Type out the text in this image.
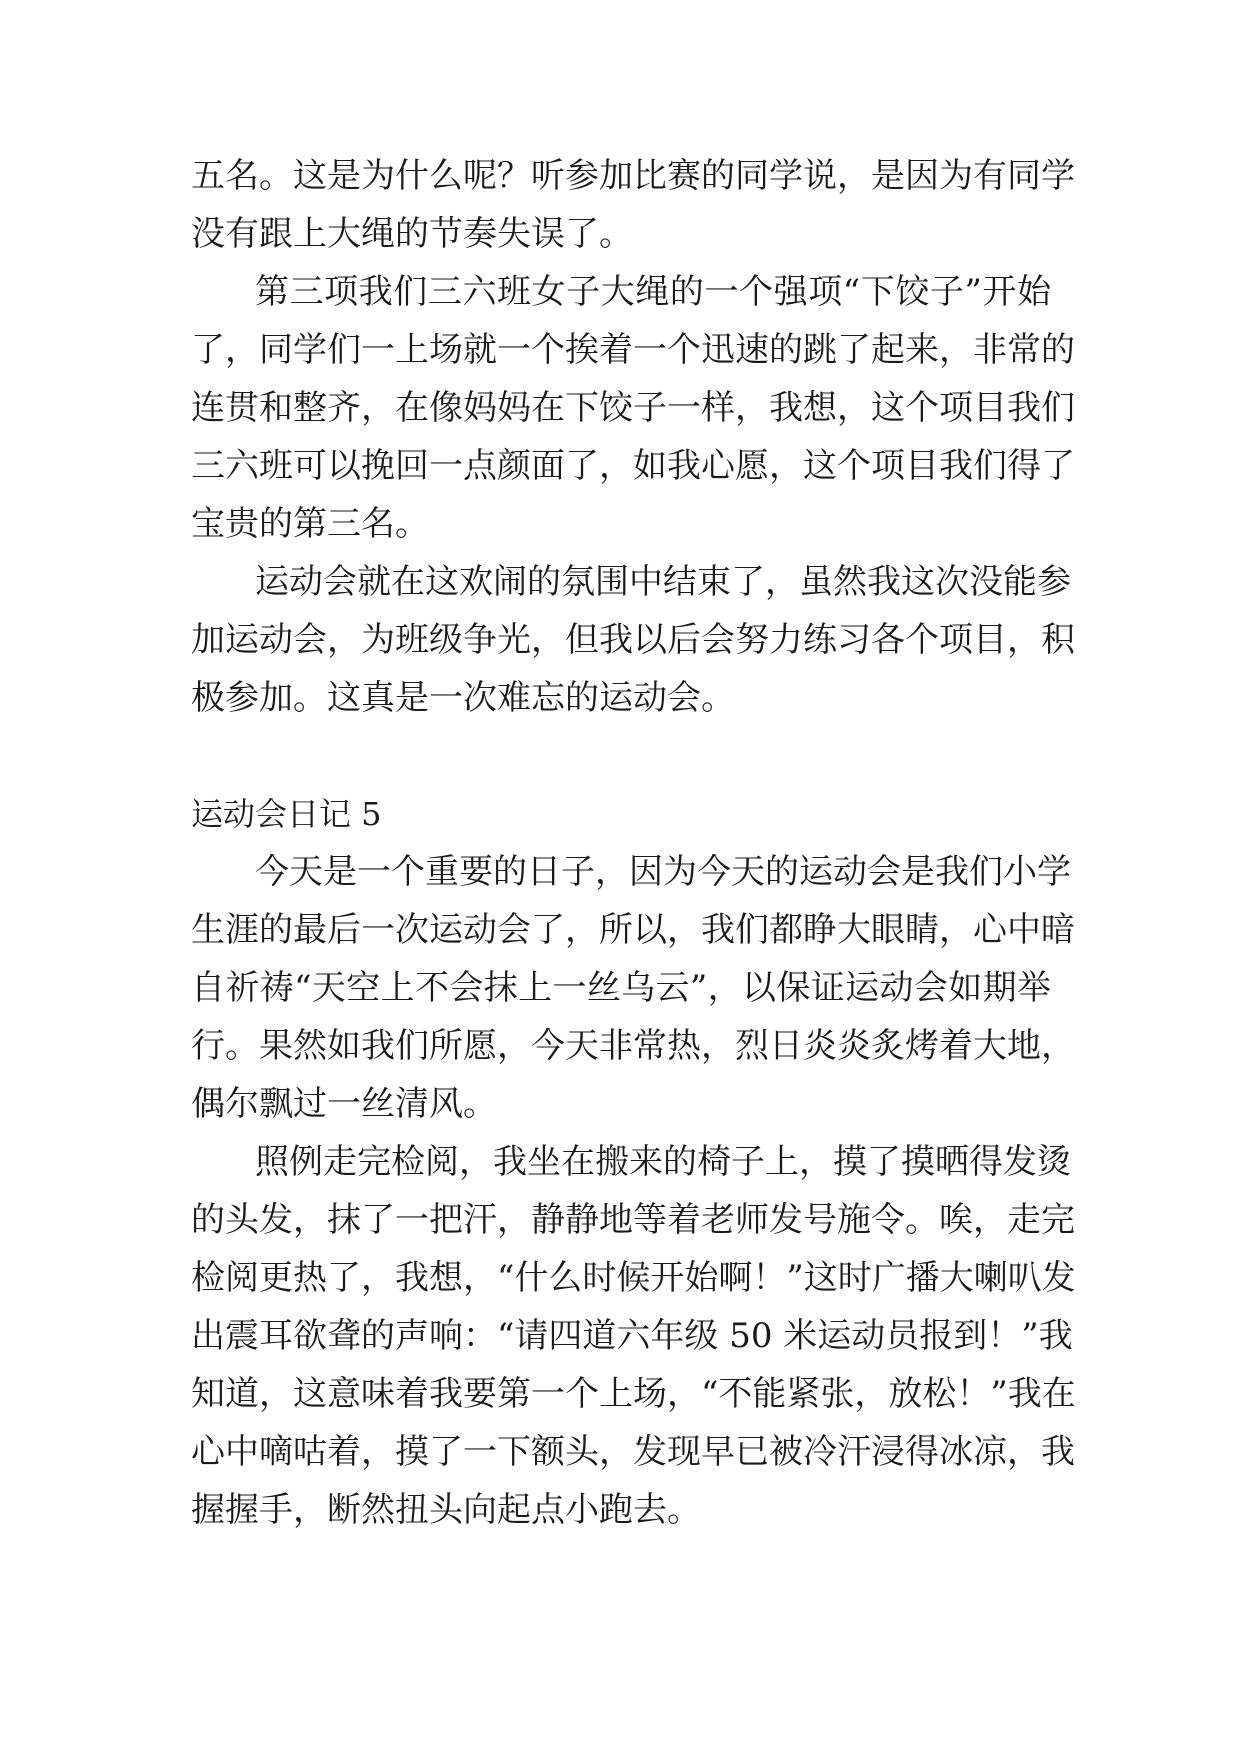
五名。这是为什么呢？听参加比赛的同学说，是因为有同学
没有跟上大绳的节奏失误了。
第三项我们三六班女子大绳的一个强项“下饺子”开始
了，同学们一上场就一个挨着一个迅速的跳了起来，非常的
连贯和整齐，在像妈妈在下饺子一样，我想，这个项目我们
三六班可以挽回一点颜面了，如我心愿，这个项目我们得了
宝贵的第三名。
运动会就在这欢闹的氛围中结束了，虽然我这次没能参
加运动会，为班级争光，但我以后会努力练习各个项目，积
极参加。这真是一次难忘的运动会。
运动会日记 5
今天是一个重要的日子，因为今天的运动会是我们小学
生涯的最后一次运动会了，所以，我们都睁大眼睛，心中暗
自祈祷“天空上不会抹上一丝乌云”，以保证运动会如期举
行。果然如我们所愿，今天非常热，烈日炎炎炙烤着大地，
偶尔飘过一丝清风。
照例走完检阅，我坐在搬来的椅子上，摸了摸晒得发烫
的头发，抹了一把汗，静静地等着老师发号施令。唉，走完
检阅更热了，我想，“什么时候开始啊！”这时广播大喇叭发
出震耳欲聋的声响：“请四道六年级 50 米运动员报到！”我
知道，这意味着我要第一个上场，“不能紧张，放松！”我在
心中嘀咕着，摸了一下额头，发现早已被冷汗浸得冰凉，我
握握手，断然扭头向起点小跑去。
